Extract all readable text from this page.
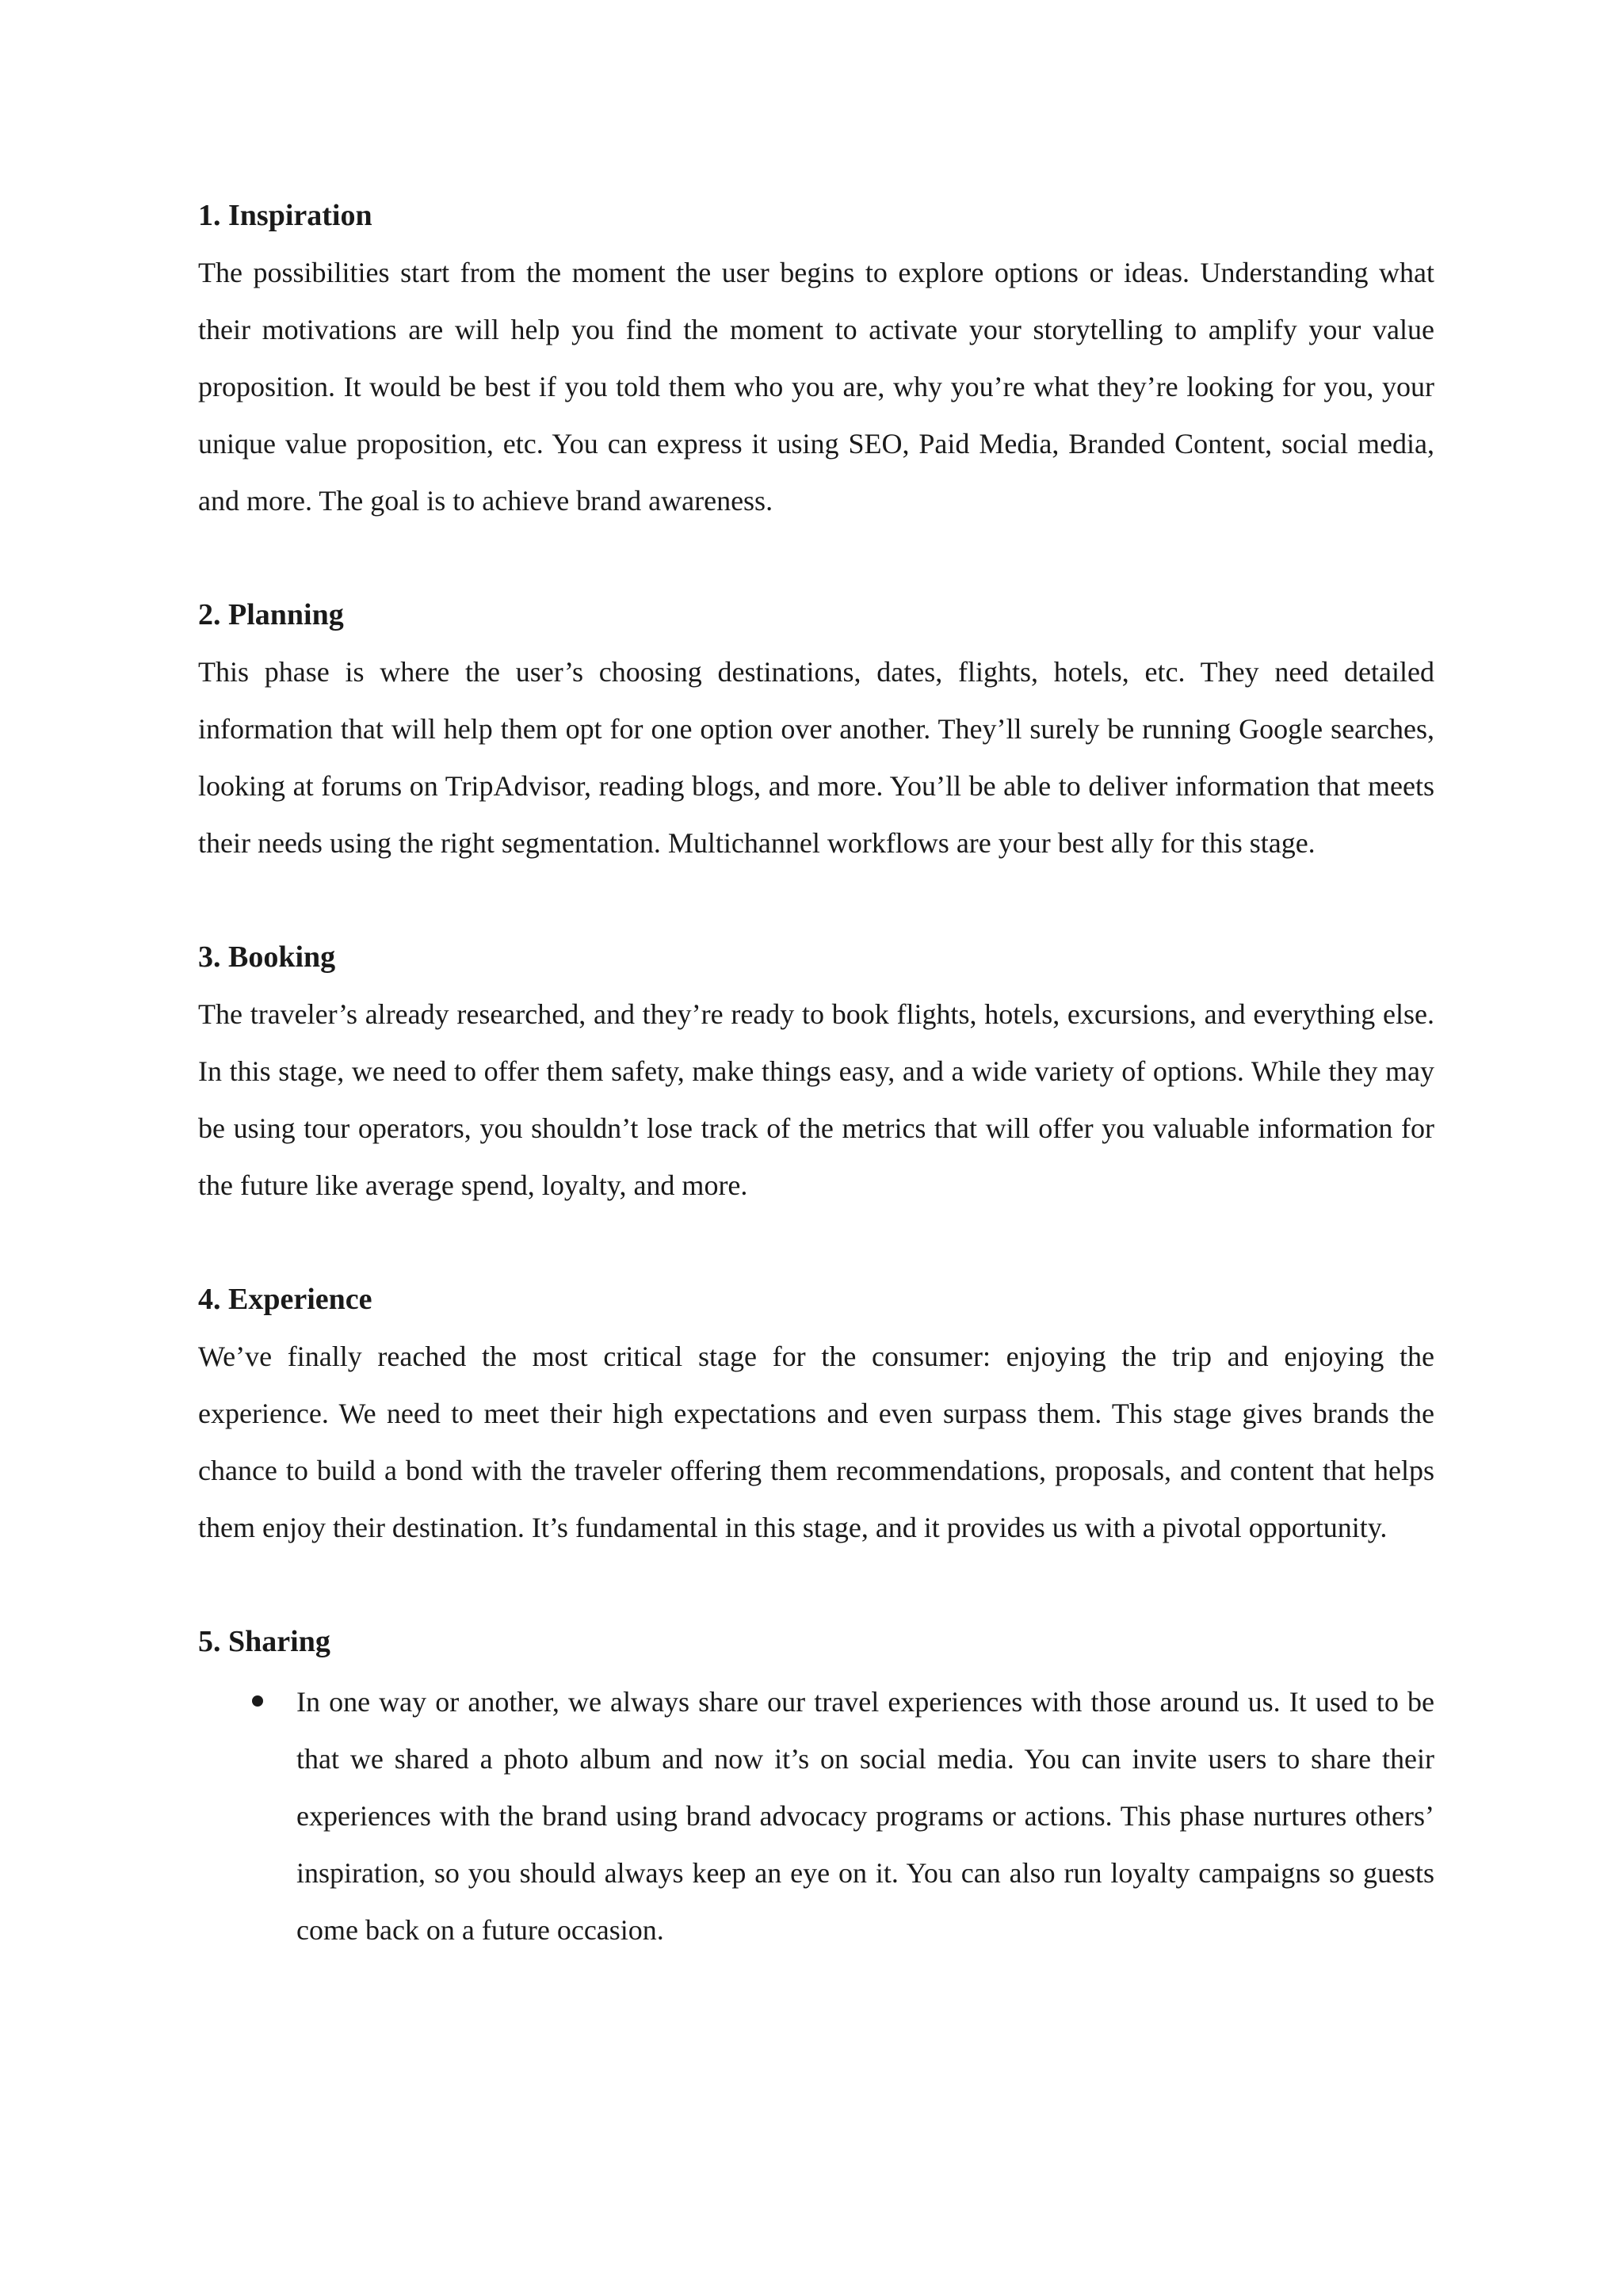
1. Inspiration

The possibilities start from the moment the user begins to explore options or ideas. Understanding what their motivations are will help you find the moment to activate your storytelling to amplify your value proposition. It would be best if you told them who you are, why you’re what they’re looking for you, your unique value proposition, etc. You can express it using SEO, Paid Media, Branded Content, social media, and more. The goal is to achieve brand awareness.

2. Planning

This phase is where the user’s choosing destinations, dates, flights, hotels, etc. They need detailed information that will help them opt for one option over another. They’ll surely be running Google searches, looking at forums on TripAdvisor, reading blogs, and more. You’ll be able to deliver information that meets their needs using the right segmentation. Multichannel workflows are your best ally for this stage.

3. Booking

The traveler’s already researched, and they’re ready to book flights, hotels, excursions, and everything else. In this stage, we need to offer them safety, make things easy, and a wide variety of options. While they may be using tour operators, you shouldn’t lose track of the metrics that will offer you valuable information for the future like average spend, loyalty, and more.

4. Experience

We’ve finally reached the most critical stage for the consumer: enjoying the trip and enjoying the experience. We need to meet their high expectations and even surpass them. This stage gives brands the chance to build a bond with the traveler offering them recommendations, proposals, and content that helps them enjoy their destination. It’s fundamental in this stage, and it provides us with a pivotal opportunity.

5. Sharing
In one way or another, we always share our travel experiences with those around us. It used to be that we shared a photo album and now it’s on social media. You can invite users to share their experiences with the brand using brand advocacy programs or actions. This phase nurtures others’ inspiration, so you should always keep an eye on it. You can also run loyalty campaigns so guests come back on a future occasion.
